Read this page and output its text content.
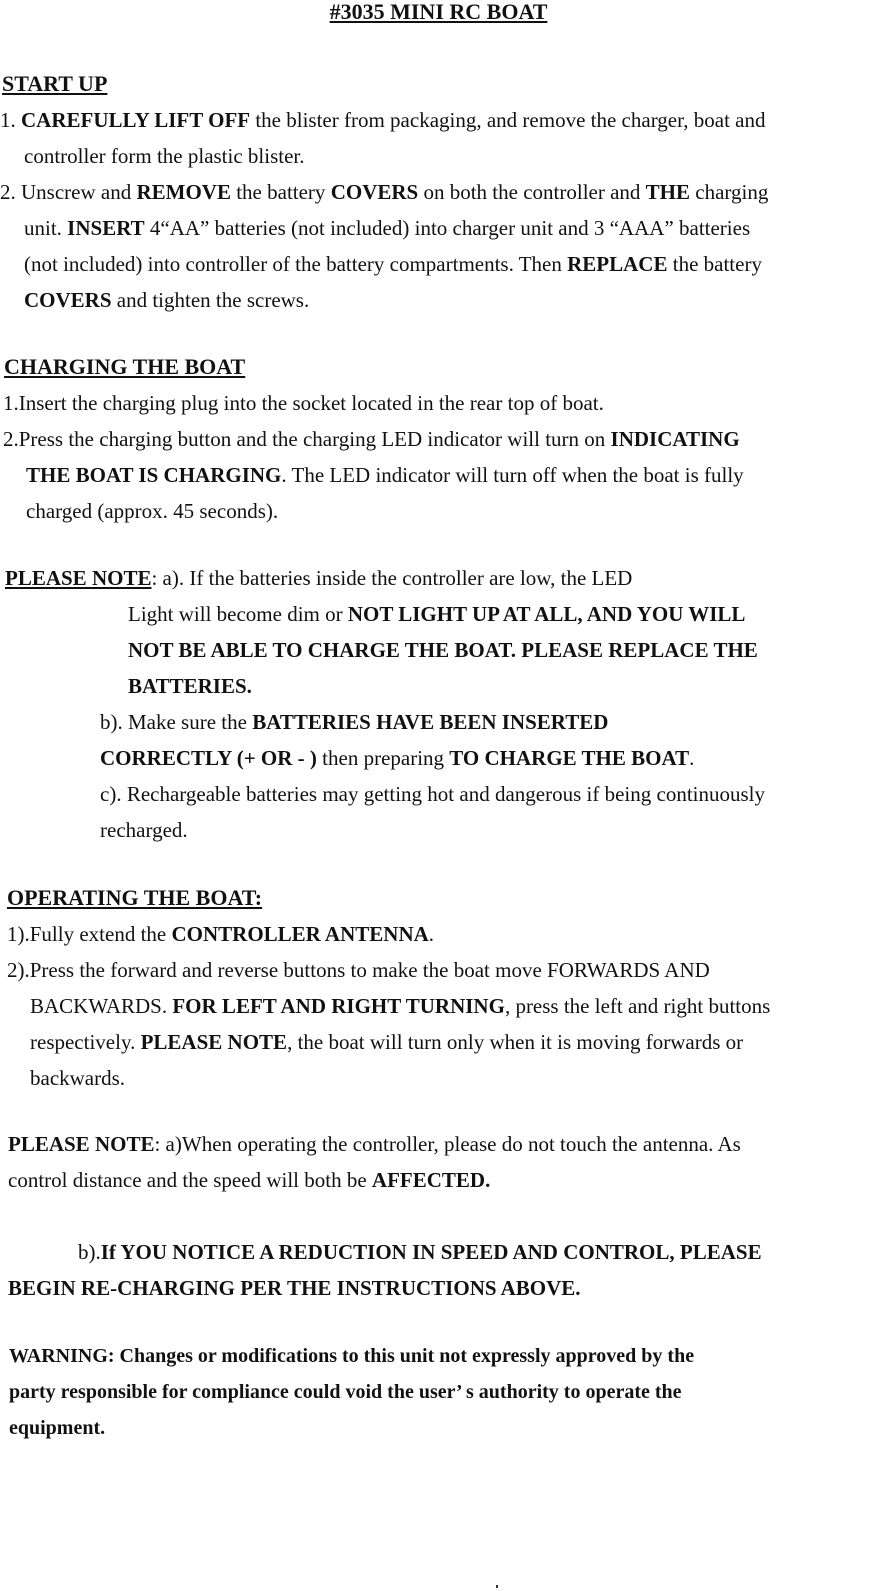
#3035 MINI RC BOAT
START UP
1. CAREFULLY LIFT OFF the blister from packaging, and remove the charger, boat and
controller form the plastic blister.
2. Unscrew and REMOVE the battery COVERS on both the controller and THE charging
unit. INSERT 4“AA” batteries (not included) into charger unit and 3 “AAA” batteries
(not included) into controller of the battery compartments. Then REPLACE the battery
COVERS and tighten the screws.
CHARGING THE BOAT
1.Insert the charging plug into the socket located in the rear top of boat.
2.Press the charging button and the charging LED indicator will turn on INDICATING
THE BOAT IS CHARGING. The LED indicator will turn off when the boat is fully
charged (approx. 45 seconds).
PLEASE NOTE: a). If the batteries inside the controller are low, the LED
Light will become dim or NOT LIGHT UP AT ALL, AND YOU WILL
NOT BE ABLE TO CHARGE THE BOAT. PLEASE REPLACE THE
BATTERIES.
b). Make sure the BATTERIES HAVE BEEN INSERTED
CORRECTLY (+ OR - ) then preparing TO CHARGE THE BOAT.
c). Rechargeable batteries may getting hot and dangerous if being continuously
recharged.
OPERATING THE BOAT:
1).Fully extend the CONTROLLER ANTENNA.
2).Press the forward and reverse buttons to make the boat move FORWARDS AND
BACKWARDS. FOR LEFT AND RIGHT TURNING, press the left and right buttons
respectively. PLEASE NOTE, the boat will turn only when it is moving forwards or
backwards.
PLEASE NOTE: a)When operating the controller, please do not touch the antenna. As
control distance and the speed will both be AFFECTED.
b).If YOU NOTICE A REDUCTION IN SPEED AND CONTROL, PLEASE
BEGIN RE-CHARGING PER THE INSTRUCTIONS ABOVE.
WARNING: Changes or modifications to this unit not expressly approved by the
party responsible for compliance could void the user’ s authority to operate the
equipment.
